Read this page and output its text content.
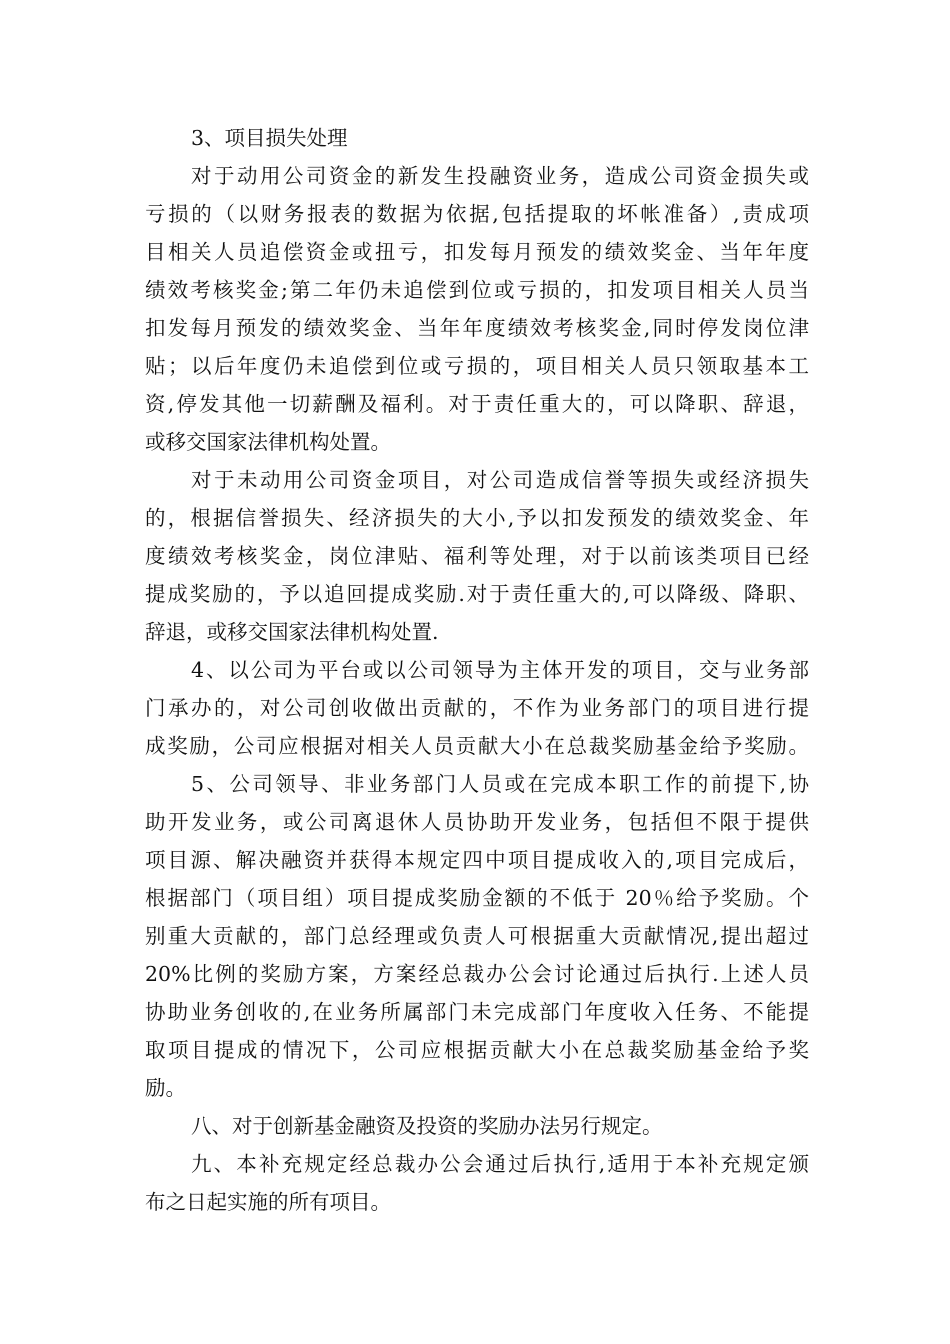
3、项目损失处理
对于动用公司资金的新发生投融资业务，造成公司资金损失或
亏损的（以财务报表的数据为依据,包括提取的坏帐准备）,责成项
目相关人员追偿资金或扭亏，扣发每月预发的绩效奖金、当年年度
绩效考核奖金;第二年仍未追偿到位或亏损的，扣发项目相关人员当
扣发每月预发的绩效奖金、当年年度绩效考核奖金,同时停发岗位津
贴；以后年度仍未追偿到位或亏损的，项目相关人员只领取基本工
资,停发其他一切薪酬及福利。对于责任重大的，可以降职、辞退，
或移交国家法律机构处置。
对于未动用公司资金项目，对公司造成信誉等损失或经济损失
的，根据信誉损失、经济损失的大小,予以扣发预发的绩效奖金、年
度绩效考核奖金，岗位津贴、福利等处理，对于以前该类项目已经
提成奖励的，予以追回提成奖励.对于责任重大的,可以降级、降职、
辞退，或移交国家法律机构处置.
4、以公司为平台或以公司领导为主体开发的项目，交与业务部
门承办的，对公司创收做出贡献的，不作为业务部门的项目进行提
成奖励，公司应根据对相关人员贡献大小在总裁奖励基金给予奖励。
5、公司领导、非业务部门人员或在完成本职工作的前提下,协
助开发业务，或公司离退休人员协助开发业务，包括但不限于提供
项目源、解决融资并获得本规定四中项目提成收入的,项目完成后，
根据部门（项目组）项目提成奖励金额的不低于 20％给予奖励。个
别重大贡献的，部门总经理或负责人可根据重大贡献情况,提出超过
20%比例的奖励方案，方案经总裁办公会讨论通过后执行.上述人员
协助业务创收的,在业务所属部门未完成部门年度收入任务、不能提
取项目提成的情况下，公司应根据贡献大小在总裁奖励基金给予奖
励。
八、对于创新基金融资及投资的奖励办法另行规定。
九、本补充规定经总裁办公会通过后执行,适用于本补充规定颁
布之日起实施的所有项目。
